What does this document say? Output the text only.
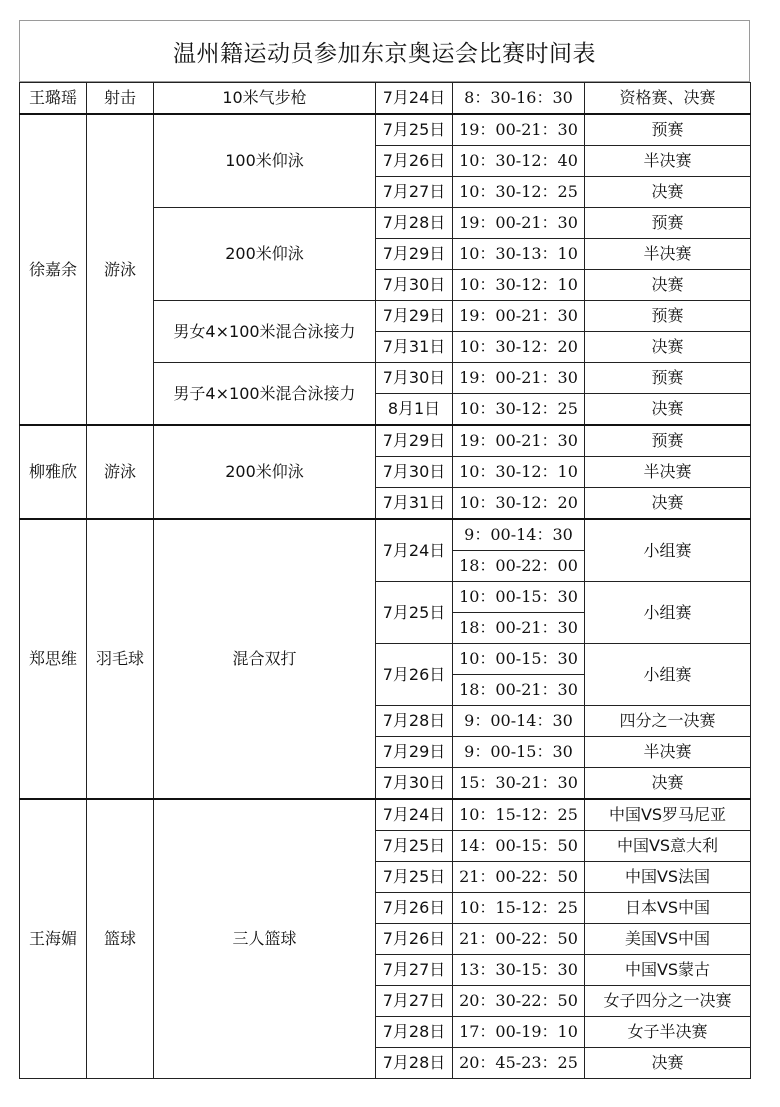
温州籍运动员参加东京奥运会比赛时间表
王璐瑶	射击	10米气步枪	7月24日	8：30-16：30	资格赛、决赛
徐嘉余	游泳	100米仰泳	7月25日	19：00-21：30	预赛
			7月26日	10：30-12：40	半决赛
			7月27日	10：30-12：25	决赛
		200米仰泳	7月28日	19：00-21：30	预赛
			7月29日	10：30-13：10	半决赛
			7月30日	10：30-12：10	决赛
		男女4×100米混合泳接力	7月29日	19：00-21：30	预赛
			7月31日	10：30-12：20	决赛
		男子4×100米混合泳接力	7月30日	19：00-21：30	预赛
			8月1日	10：30-12：25	决赛
柳雅欣	游泳	200米仰泳	7月29日	19：00-21：30	预赛
			7月30日	10：30-12：10	半决赛
			7月31日	10：30-12：20	决赛
郑思维	羽毛球	混合双打	7月24日	9：00-14：30	小组赛
				18：00-22：00	
			7月25日	10：00-15：30	小组赛
				18：00-21：30	
			7月26日	10：00-15：30	小组赛
				18：00-21：30	
			7月28日	9：00-14：30	四分之一决赛
			7月29日	9：00-15：30	半决赛
			7月30日	15：30-21：30	决赛
王海媚	篮球	三人篮球	7月24日	10：15-12：25	中国VS罗马尼亚
			7月25日	14：00-15：50	中国VS意大利
			7月25日	21：00-22：50	中国VS法国
			7月26日	10：15-12：25	日本VS中国
			7月26日	21：00-22：50	美国VS中国
			7月27日	13：30-15：30	中国VS蒙古
			7月27日	20：30-22：50	女子四分之一决赛
			7月28日	17：00-19：10	女子半决赛
			7月28日	20：45-23：25	决赛
